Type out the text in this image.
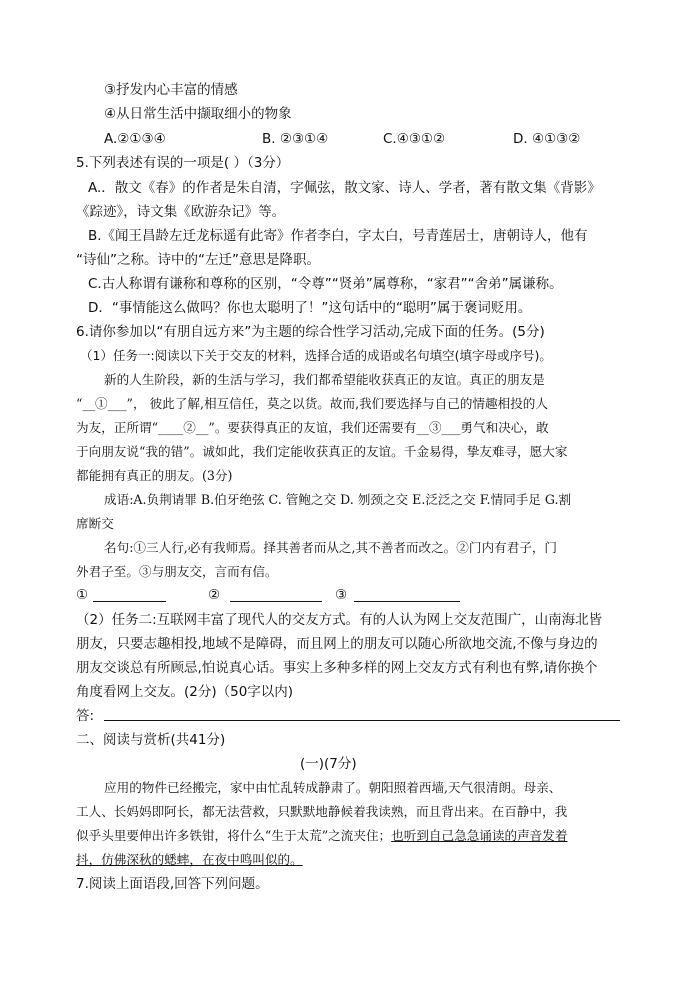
③抒发内心丰富的情感
④从日常生活中撷取细小的物象
A.②①③④	B. ②③①④	C.④③①②	D. ④①③②
5.下列表述有误的一项是( ）（3分）
A.．散文《春》的作者是朱自清，字佩弦，散文家、诗人、学者，著有散文集《背影》
《踪迹》，诗文集《欧游杂记》等。
B.《闻王昌龄左迁龙标遥有此寄》作者李白，字太白，号青莲居士，唐朝诗人，他有
“诗仙”之称。诗中的“左迁”意思是降职。
C.古人称谓有谦称和尊称的区别，“令尊”“贤弟”属尊称，“家君”“舍弟”属谦称。
D．“事情能这么做吗？你也太聪明了！”这句话中的“聪明”属于褒词贬用。
6.请你参加以“有朋自远方来”为主题的综合性学习活动,完成下面的任务。(5分)
（1）任务一:阅读以下关于交友的材料，选择合适的成语或名句填空(填字母或序号)。
新的人生阶段，新的生活与学习，我们都希望能收获真正的友谊。真正的朋友是
“__①___”， 彼此了解,相互信任，莫之以货。故而,我们要选择与自己的情趣相投的人
为友，正所谓“____②__”。要获得真正的友谊，我们还需要有__③___勇气和决心，敢
于向朋友说“我的错”。诚如此，我们定能收获真正的友谊。千金易得，挚友难寻，愿大家
都能拥有真正的朋友。(3分)
成语:A.负荆请罪 B.伯牙绝弦 C. 管鲍之交 D. 刎颈之交 E.泛泛之交 F.情同手足 G.割
席断交
名句:①三人行,必有我师焉。择其善者而从之,其不善者而改之。②门内有君子，门
外君子至。③与朋友交，言而有信。
①	②	③
（2）任务二:互联网丰富了现代人的交友方式。有的人认为网上交友范围广，山南海北皆
朋友，只要志趣相投,地域不是障碍，而且网上的朋友可以随心所欲地交流,不像与身边的
朋友交谈总有所顾忌,怕说真心话。事实上多种多样的网上交友方式有利也有弊,请你换个
角度看网上交友。(2分)（50字以内)
答:
二、阅读与赏析(共41分)
(一)(7分)
应用的物件已经搬完，家中由忙乱转成静肃了。朝阳照着西墙,天气很清朗。母亲、
工人、长妈妈即阿长，都无法营救，只默默地静候着我读熟，而且背出来。在百静中，我
似乎头里要伸出许多铁钳，将什么“生于太荒”之流夹住；也听到自己急急诵读的声音发着
抖，仿佛深秋的蟋蟀，在夜中鸣叫似的。
7.阅读上面语段,回答下列问题。
